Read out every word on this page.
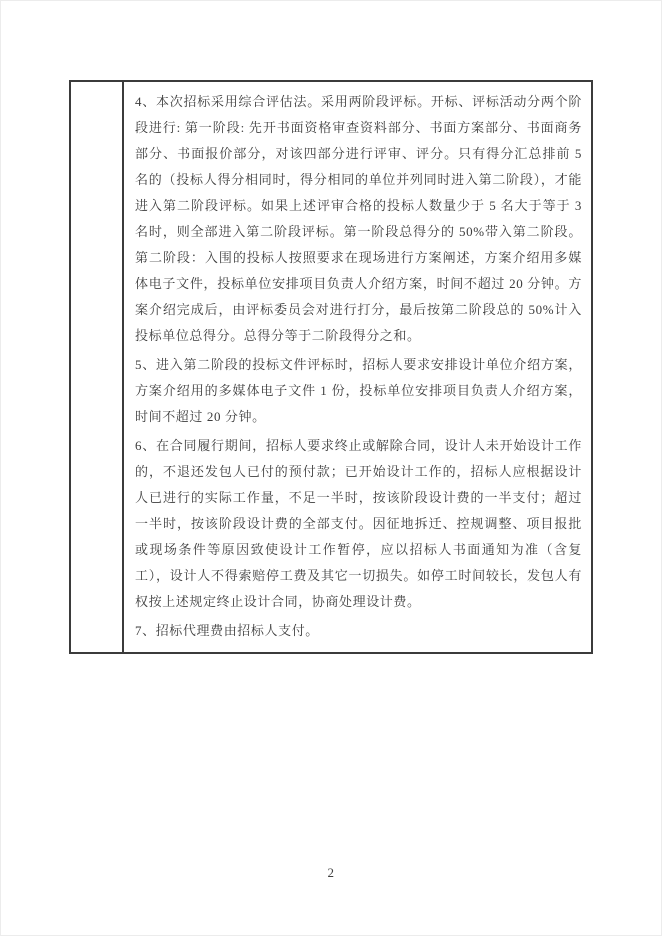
4、本次招标采用综合评估法。采用两阶段评标。开标、评标活动分两个阶段进行: 第一阶段: 先开书面资格审查资料部分、书面方案部分、书面商务部分、书面报价部分，对该四部分进行评审、评分。只有得分汇总排前 5 名的（投标人得分相同时，得分相同的单位并列同时进入第二阶段），才能进入第二阶段评标。如果上述评审合格的投标人数量少于 5 名大于等于 3 名时，则全部进入第二阶段评标。第一阶段总得分的 50%带入第二阶段。第二阶段：入围的投标人按照要求在现场进行方案阐述，方案介绍用多媒体电子文件，投标单位安排项目负责人介绍方案，时间不超过 20 分钟。方案介绍完成后，由评标委员会对进行打分，最后按第二阶段总的 50%计入投标单位总得分。总得分等于二阶段得分之和。

5、进入第二阶段的投标文件评标时，招标人要求安排设计单位介绍方案，方案介绍用的多媒体电子文件 1 份，投标单位安排项目负责人介绍方案，时间不超过 20 分钟。

6、在合同履行期间，招标人要求终止或解除合同，设计人未开始设计工作的，不退还发包人已付的预付款；已开始设计工作的，招标人应根据设计人已进行的实际工作量，不足一半时，按该阶段设计费的一半支付；超过一半时，按该阶段设计费的全部支付。因征地拆迁、控规调整、项目报批或现场条件等原因致使设计工作暂停，应以招标人书面通知为准（含复工），设计人不得索赔停工费及其它一切损失。如停工时间较长，发包人有权按上述规定终止设计合同，协商处理设计费。

7、招标代理费由招标人支付。

2
